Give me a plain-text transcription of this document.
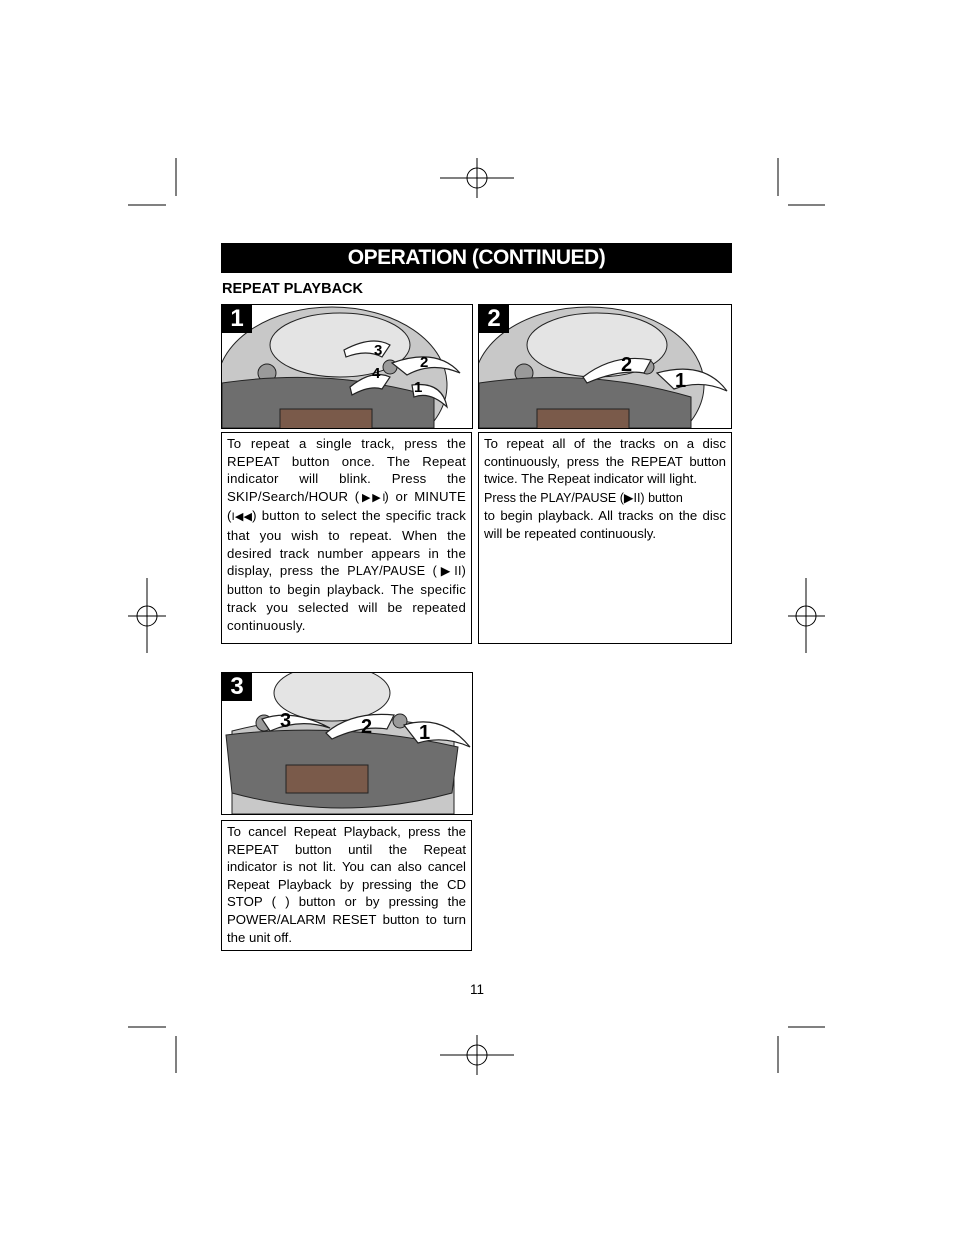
OPERATION (CONTINUED)
REPEAT PLAYBACK
1
3
2
4
1
2
2
1

To repeat a single track, press the REPEAT button once. The Repeat indicator will blink. Press the SKIP/Search/HOUR (▶▶I) or MINUTE (I◀◀) button to select the specific track that you wish to repeat. When the desired track number appears in the display, press the PLAY/PAUSE (▶II) button to begin playback. The specific track you selected will be repeated continuously.

To repeat all of the tracks on a disc continuously, press the REPEAT button twice. The Repeat indicator will light.

Press the PLAY/PAUSE (▶II) button

to begin playback. All tracks on the disc will be repeated continuously.

3
3	2 1

To cancel Repeat Playback, press the REPEAT button until the Repeat indicator is not lit. You can also cancel Repeat Playback by pressing the CD STOP ( ) button or by pressing the POWER/ALARM RESET button to turn the unit off.

11
